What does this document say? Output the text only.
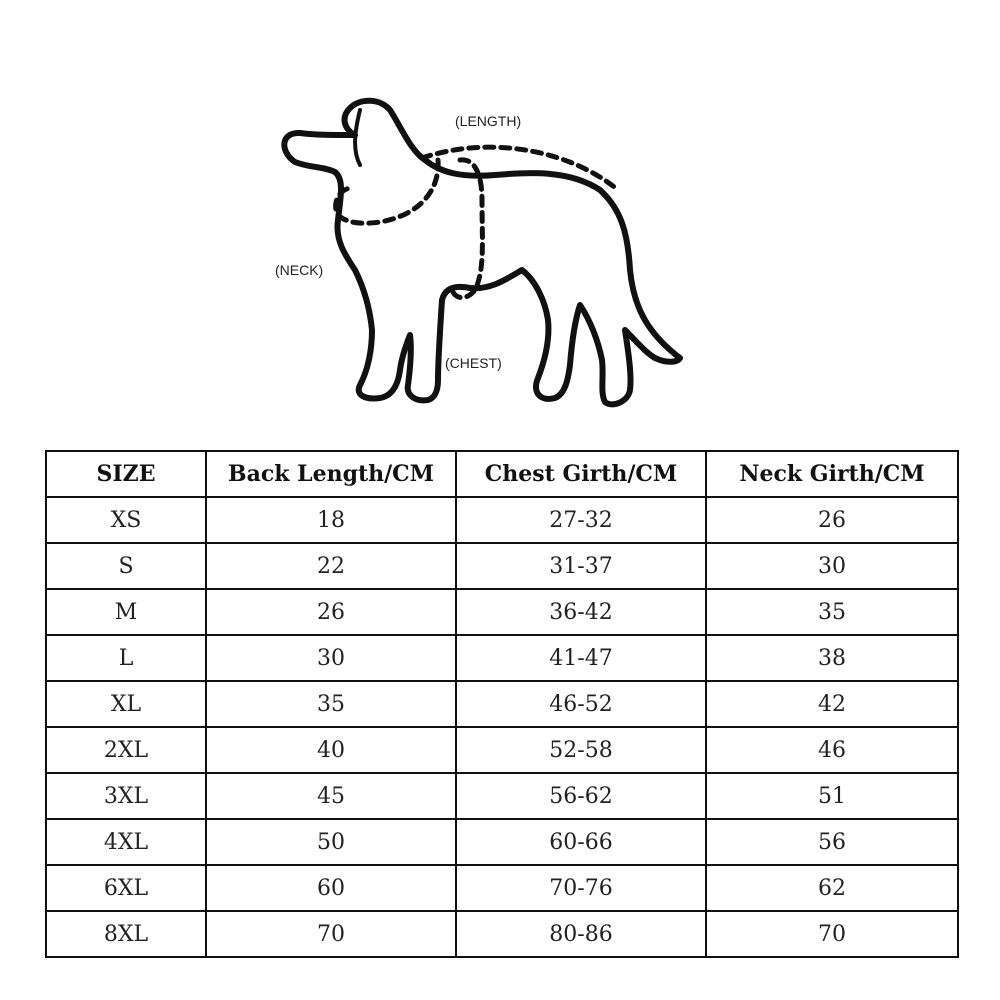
(LENGTH)
(NECK)
(CHEST)
SIZE	Back Length/CM	Chest Girth/CM	Neck Girth/CM
XS	18	27-32	26
S	22	31-37	30
M	26	36-42	35
L	30	41-47	38
XL	35	46-52	42
2XL	40	52-58	46
3XL	45	56-62	51
4XL	50	60-66	56
6XL	60	70-76	62
8XL	70	80-86	70
